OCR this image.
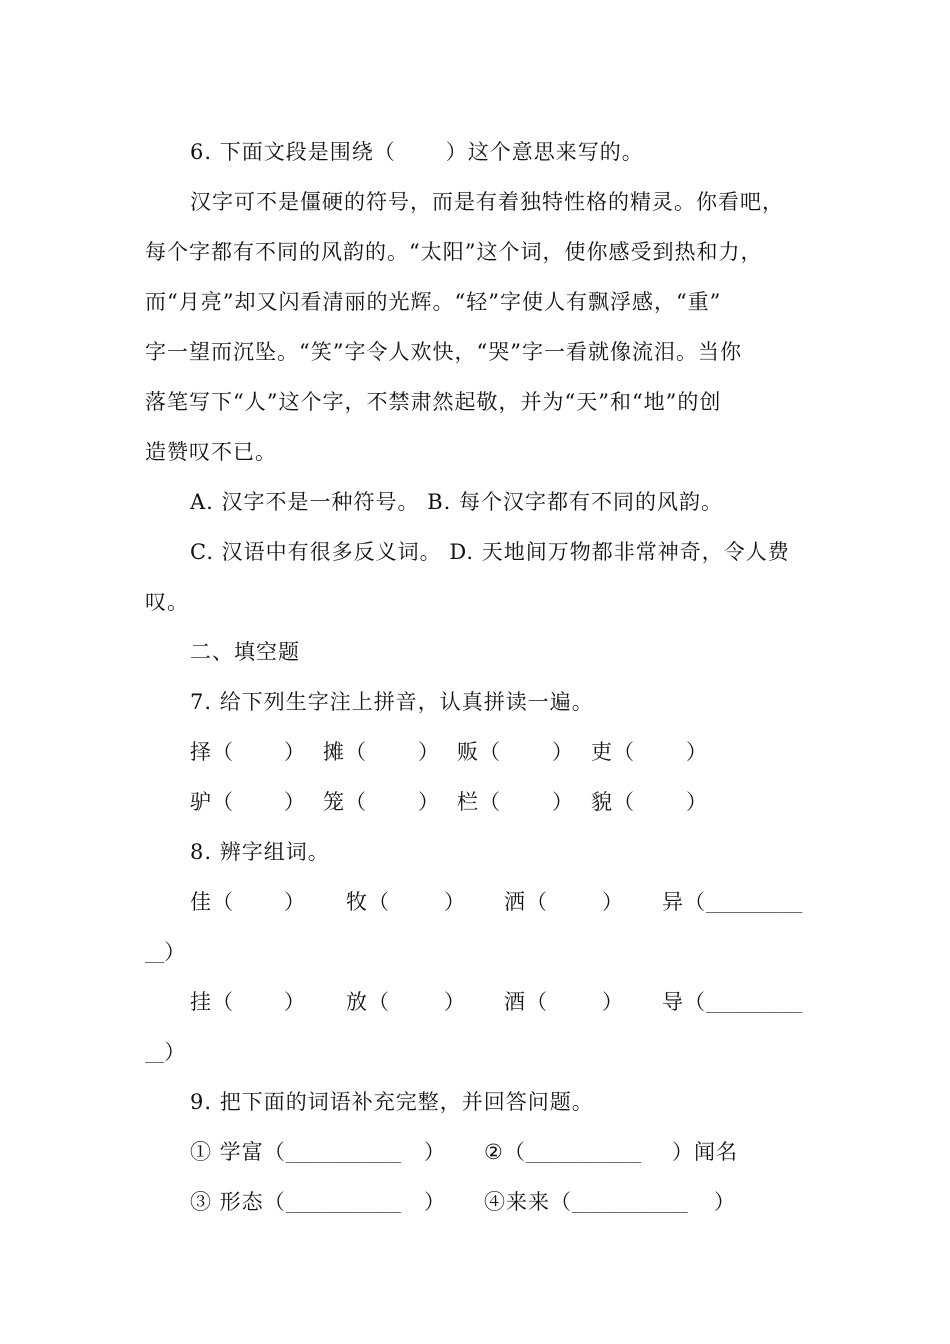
6. 下面文段是围绕（ ）这个意思来写的。
汉字可不是僵硬的符号，而是有着独特性格的精灵。你看吧，
每个字都有不同的风韵的。“太阳”这个词，使你感受到热和力，
而“月亮”却又闪看清丽的光辉。“轻”字使人有飘浮感，“重”
字一望而沉坠。“笑”字令人欢快，“哭”字一看就像流泪。当你
落笔写下“人”这个字，不禁肃然起敬，并为“天”和“地”的创
造赞叹不已。
A. 汉字不是一种符号。 B. 每个汉字都有不同的风韵。
C. 汉语中有很多反义词。 D. 天地间万物都非常神奇，令人费
叹。
二、填空题
7. 给下列生字注上拼音，认真拼读一遍。
择（ ） 摊（ ） 贩（ ） 吏（ ）
驴（ ） 笼（ ） 栏（ ） 貌（ ）
8. 辨字组词。
佳（ ） 牧（	） 洒（	） 异（__________
__）
挂（ ） 放（	） 酒（	） 导（__________
__）
9. 把下面的词语补充完整，并回答问题。
① 学富（____________ ） ②（____________ ）闻名
③ 形态（____________ ） ④来来（____________ ）
